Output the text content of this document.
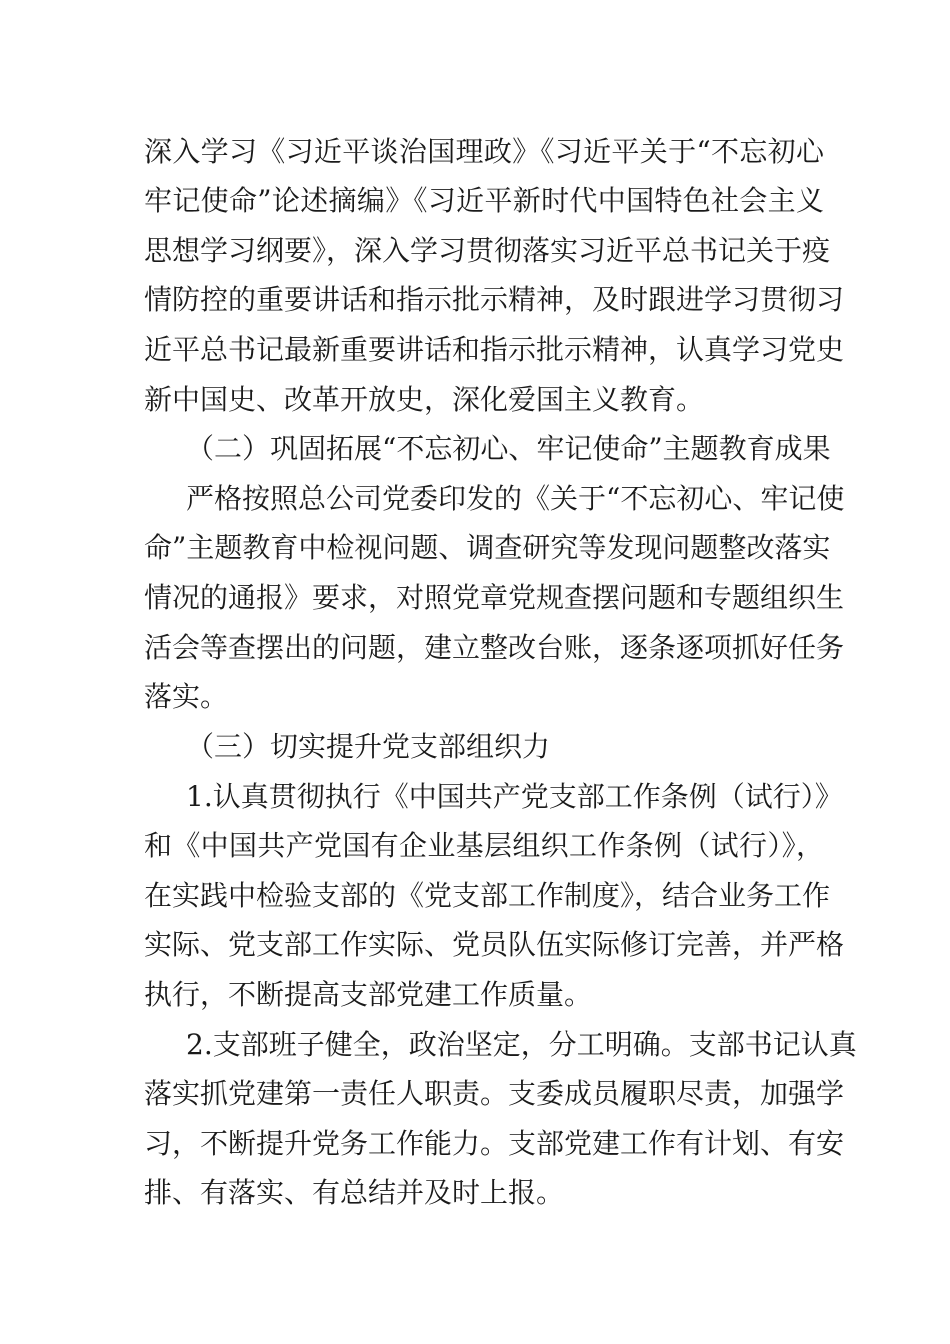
深入学习《习近平谈治国理政》《习近平关于“不忘初心
牢记使命”论述摘编》《习近平新时代中国特色社会主义
思想学习纲要》，深入学习贯彻落实习近平总书记关于疫
情防控的重要讲话和指示批示精神，及时跟进学习贯彻习
近平总书记最新重要讲话和指示批示精神，认真学习党史
新中国史、改革开放史，深化爱国主义教育。
（二）巩固拓展“不忘初心、牢记使命”主题教育成果
严格按照总公司党委印发的《关于“不忘初心、牢记使
命”主题教育中检视问题、调查研究等发现问题整改落实
情况的通报》要求，对照党章党规查摆问题和专题组织生
活会等查摆出的问题，建立整改台账，逐条逐项抓好任务
落实。
（三）切实提升党支部组织力
1.认真贯彻执行《中国共产党支部工作条例（试行）》
和《中国共产党国有企业基层组织工作条例（试行）》，
在实践中检验支部的《党支部工作制度》，结合业务工作
实际、党支部工作实际、党员队伍实际修订完善，并严格
执行，不断提高支部党建工作质量。
2.支部班子健全，政治坚定，分工明确。支部书记认真
落实抓党建第一责任人职责。支委成员履职尽责，加强学
习，不断提升党务工作能力。支部党建工作有计划、有安
排、有落实、有总结并及时上报。
